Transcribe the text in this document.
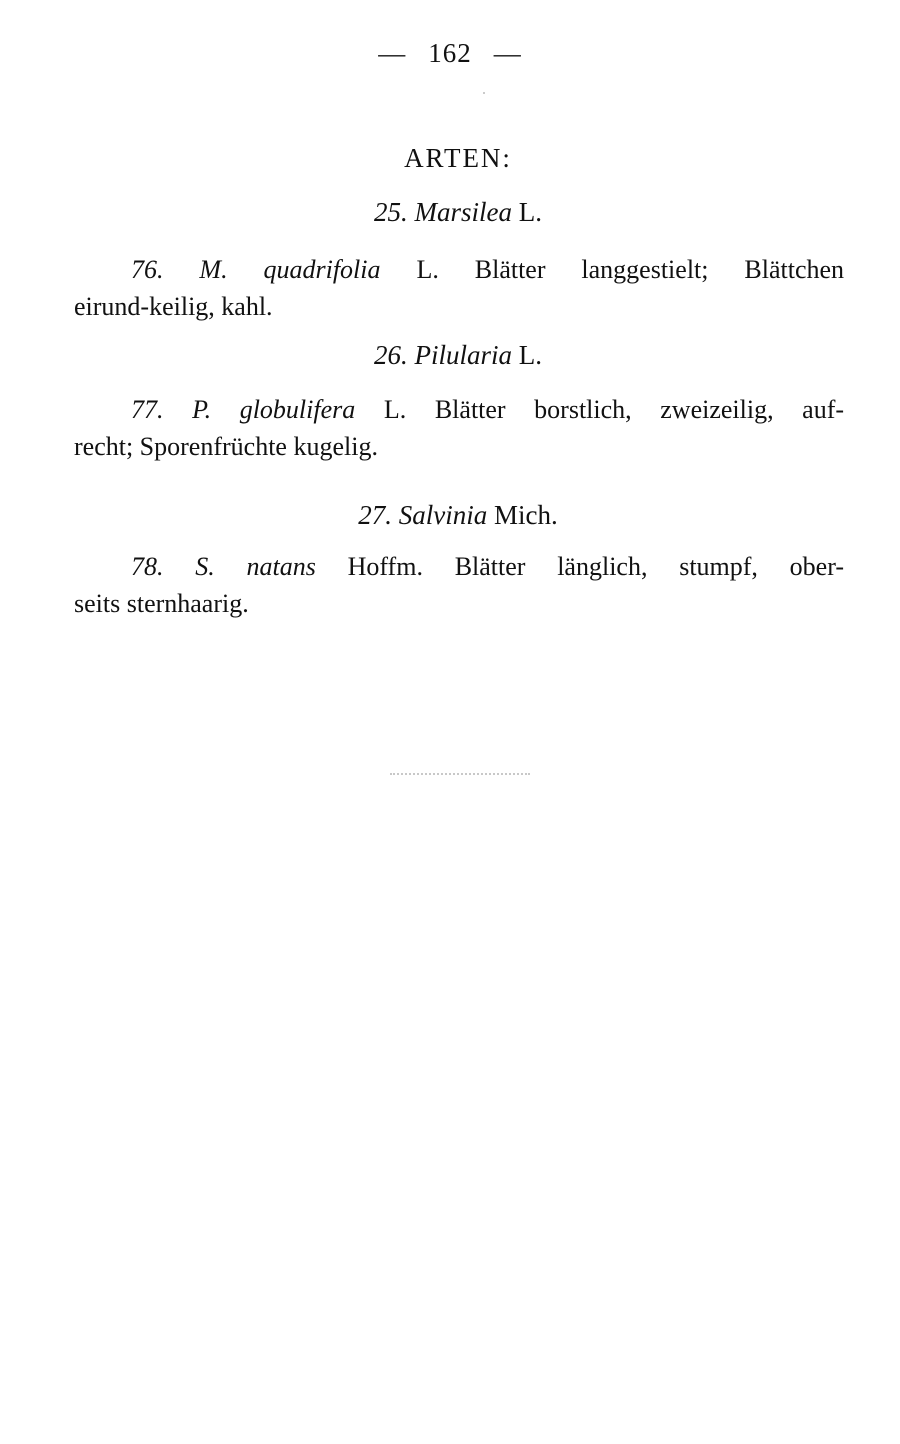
— 162 —
ARTEN:
25. Marsilea L.
76. M. quadrifolia L. Blätter langgestielt; Blättchen
eirund-keilig, kahl.
26. Pilularia L.
77. P. globulifera L. Blätter borstlich, zweizeilig, auf-
recht; Sporenfrüchte kugelig.
27. Salvinia Mich.
78. S. natans Hoffm. Blätter länglich, stumpf, ober-
seits sternhaarig.
